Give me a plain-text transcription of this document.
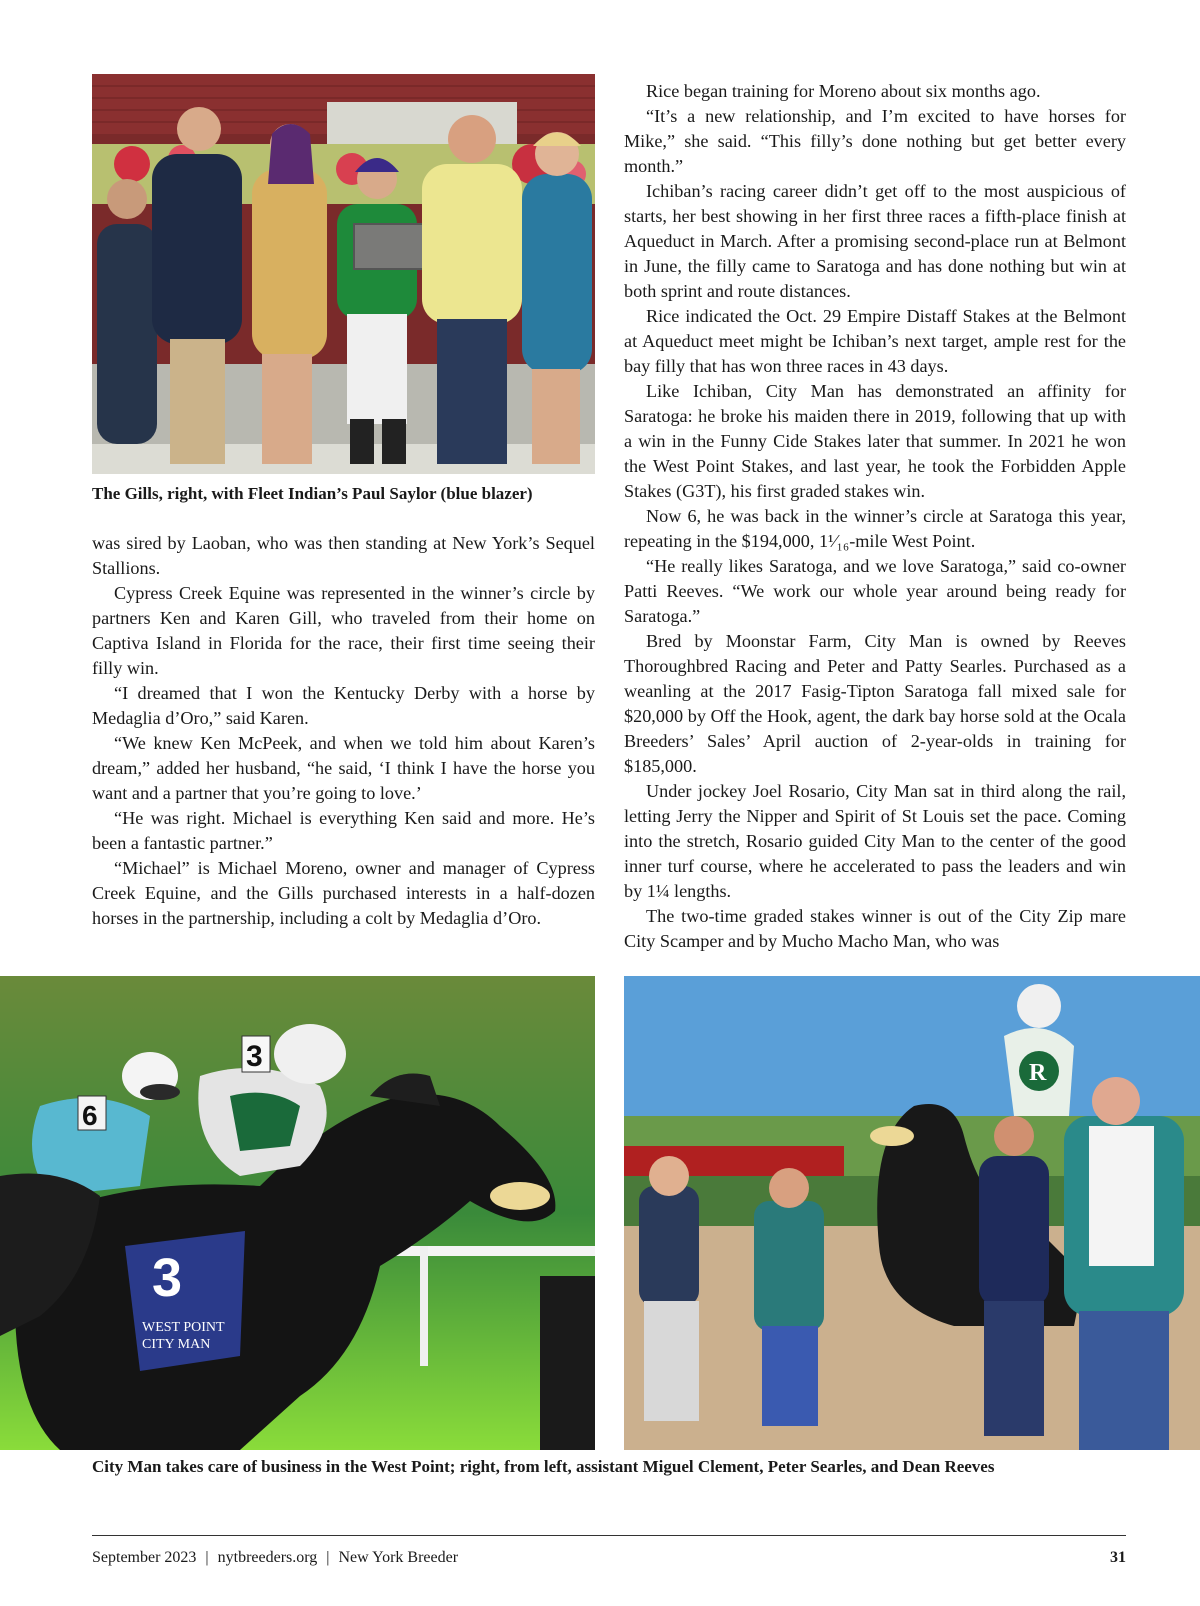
The Gills, right, with Fleet Indian’s Paul Saylor (blue blazer)

was sired by Laoban, who was then standing at New York’s Sequel Stallions.

Cypress Creek Equine was represented in the winner’s circle by partners Ken and Karen Gill, who traveled from their home on Captiva Island in Florida for the race, their first time seeing their filly win.

“I dreamed that I won the Kentucky Derby with a horse by Medaglia d’Oro,” said Karen.

“We knew Ken McPeek, and when we told him about Karen’s dream,” added her husband, “he said, ‘I think I have the horse you want and a partner that you’re going to love.’

“He was right. Michael is everything Ken said and more. He’s been a fantastic partner.”

“Michael” is Michael Moreno, owner and manager of Cypress Creek Equine, and the Gills purchased interests in a half-dozen horses in the partnership, including a colt by Medaglia d’Oro.

Rice began training for Moreno about six months ago.

“It’s a new relationship, and I’m excited to have horses for Mike,” she said. “This filly’s done nothing but get better every month.”

Ichiban’s racing career didn’t get off to the most auspicious of starts, her best showing in her first three races a fifth-place finish at Aqueduct in March. After a promising second-place run at Belmont in June, the filly came to Saratoga and has done nothing but win at both sprint and route distances.

Rice indicated the Oct. 29 Empire Distaff Stakes at the Belmont at Aqueduct meet might be Ichiban’s next target, ample rest for the bay filly that has won three races in 43 days.

Like Ichiban, City Man has demonstrated an affinity for Saratoga: he broke his maiden there in 2019, following that up with a win in the Funny Cide Stakes later that summer. In 2021 he won the West Point Stakes, and last year, he took the Forbidden Apple Stakes (G3T), his first graded stakes win.

Now 6, he was back in the winner’s circle at Saratoga this year, repeating in the $194,000, 1¹⁄₁₆-mile West Point.

“He really likes Saratoga, and we love Saratoga,” said co-owner Patti Reeves. “We work our whole year around being ready for Saratoga.”

Bred by Moonstar Farm, City Man is owned by Reeves Thoroughbred Racing and Peter and Patty Searles. Purchased as a weanling at the 2017 Fasig-Tipton Saratoga fall mixed sale for $20,000 by Off the Hook, agent, the dark bay horse sold at the Ocala Breeders’ Sales’ April auction of 2-year-olds in training for $185,000.

Under jockey Joel Rosario, City Man sat in third along the rail, letting Jerry the Nipper and Spirit of St Louis set the pace. Coming into the stretch, Rosario guided City Man to the center of the good inner turf course, where he accelerated to pass the leaders and win by 1¼ lengths.

The two-time graded stakes winner is out of the City Zip mare City Scamper and by Mucho Macho Man, who was

3
WEST POINT
CITY MAN
3
6
R
City Man takes care of business in the West Point; right, from left, assistant Miguel Clement, Peter Searles, and Dean Reeves
September 2023 | nytbreeders.org | New York Breeder	31
